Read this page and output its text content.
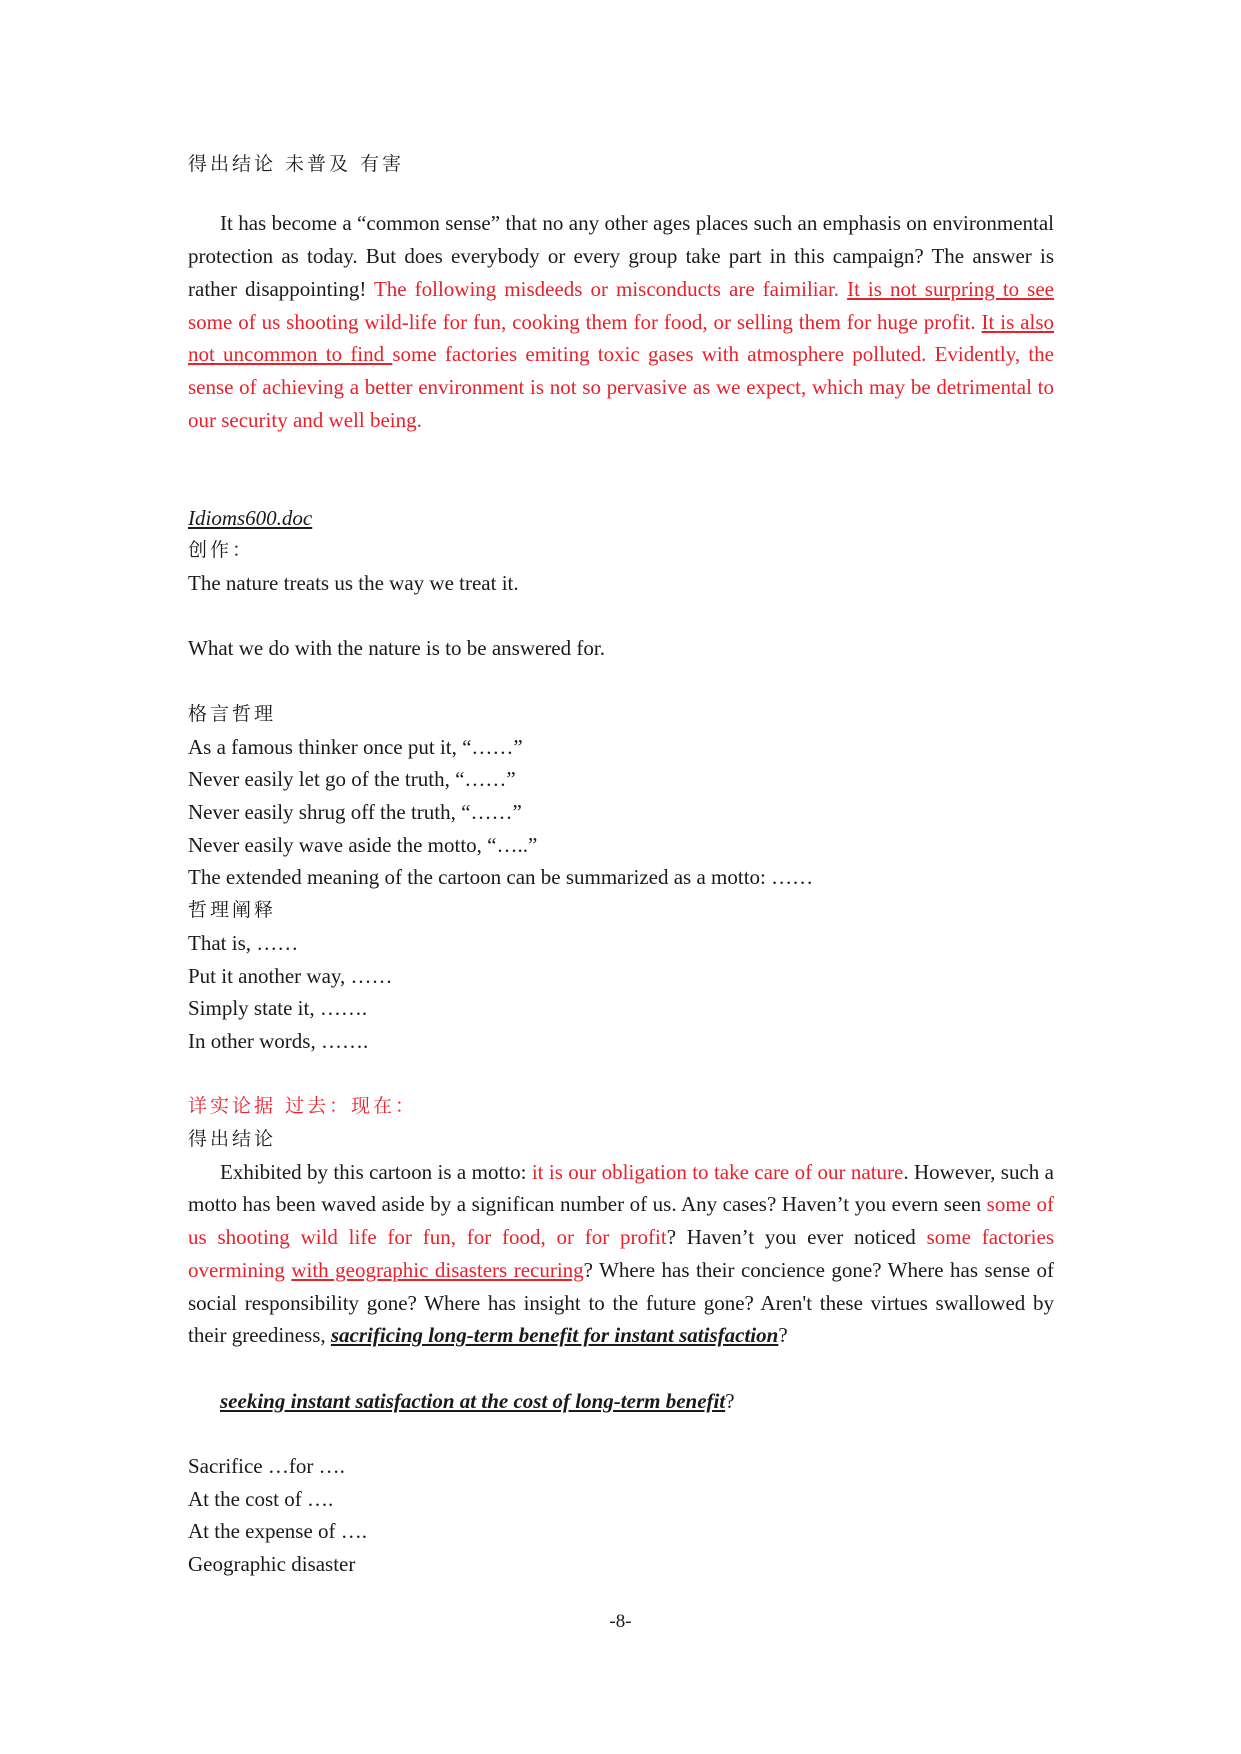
得出结论 未普及 有害
It has become a “common sense” that no any other ages places such an emphasis on environmental protection as today. But does everybody or every group take part in this campaign? The answer is rather disappointing! The following misdeeds or misconducts are faimiliar. It is not surpring to see some of us shooting wild-life for fun, cooking them for food, or selling them for huge profit. It is also not uncommon to find some factories emiting toxic gases with atmosphere polluted. Evidently, the sense of achieving a better environment is not so pervasive as we expect, which may be detrimental to our security and well being.
Idioms600.doc
创作：
The nature treats us the way we treat it.
What we do with the nature is to be answered for.
格言哲理
As a famous thinker once put it, “……”
Never easily let go of the truth, “……”
Never easily shrug off the truth, “……”
Never easily wave aside the motto, “…..”
The extended meaning of the cartoon can be summarized as a motto: ……
哲理阐释
That is, ……
Put it another way, ……
Simply state it, …….
In other words, …….
详实论据 过去：现在：
得出结论
Exhibited by this cartoon is a motto: it is our obligation to take care of our nature. However, such a motto has been waved aside by a significan number of us. Any cases? Haven’t you evern seen some of us shooting wild life for fun, for food, or for profit? Haven’t you ever noticed some factories overmining with geographic disasters recuring? Where has their concience gone? Where has sense of social responsibility gone? Where has insight to the future gone? Aren't these virtues swallowed by their greediness, sacrificing long-term benefit for instant satisfaction?
seeking instant satisfaction at the cost of long-term benefit?
Sacrifice …for ….
At the cost of ….
At the expense of ….
Geographic disaster
-8-
